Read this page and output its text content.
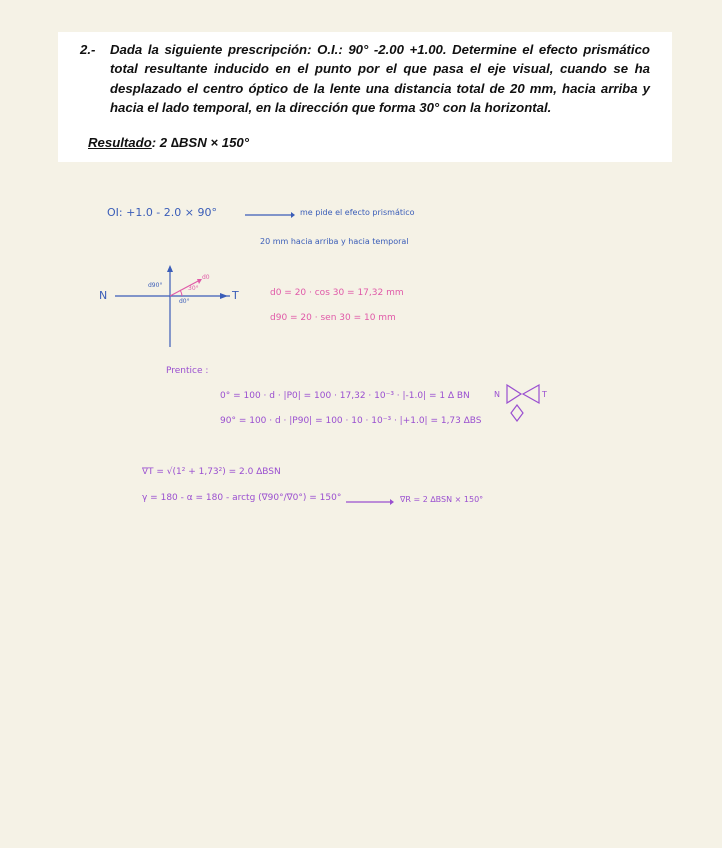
2.- Dada la siguiente prescripción: O.I.: 90° -2.00 +1.00. Determine el efecto prismático total resultante inducido en el punto por el que pasa el eje visual, cuando se ha desplazado el centro óptico de la lente una distancia total de 20 mm, hacia arriba y hacia el lado temporal, en la dirección que forma 30° con la horizontal.
Resultado: 2 ∆BSN × 150°
OI: +1.0 - 2.0 × 90°	me pide el efecto prismático
20 mm hacia arriba y hacia temporal
N	T
d90°
d0°
30°
d0
d0 = 20 · cos 30 = 17,32 mm
d90 = 20 · sen 30 = 10 mm
Prentice :
0° = 100 · d · |P0| = 100 · 17,32 · 10⁻³ · |-1.0| = 1 ∆ BN
90° = 100 · d · |P90| = 100 · 10 · 10⁻³ · |+1.0| = 1,73 ∆BS
N	T
∇T = √(1² + 1,73²) = 2.0 ∆BSN
γ = 180 - α = 180 - arctg (∇90°/∇0°) = 150°	∇R = 2 ∆BSN × 150°
